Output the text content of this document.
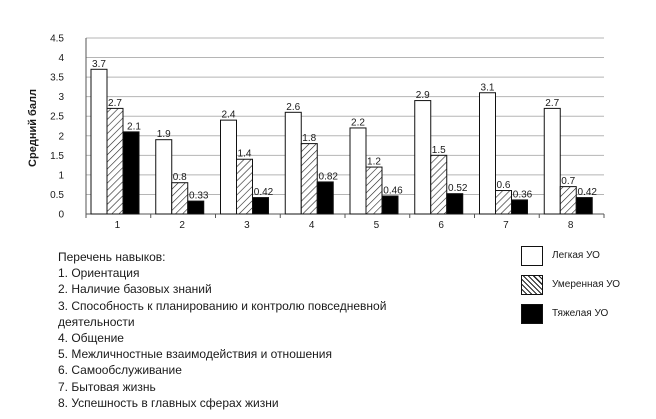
0
0.5
1
1.5
2
2.5
3
3.5
4
4.5
1	2	3	4	5	6	7	8
3.7
2.7
2.1
1.9
0.8
0.33
2.4
1.4
0.42
2.6
1.8
0.82
2.2
1.2
0.46
2.9
1.5
0.52
3.1
0.6
0.36
2.7
0.7
0.42
Средний балл
Перечень навыков:
1. Ориентация
2. Наличие базовых знаний
3. Способность к планированию и контролю повседневной
деятельности
4. Общение
5. Межличностные взаимодействия и отношения
6. Самообслуживание
7. Бытовая жизнь
8. Успешность в главных сферах жизни
Легкая УО
Умеренная УО
Тяжелая УО
